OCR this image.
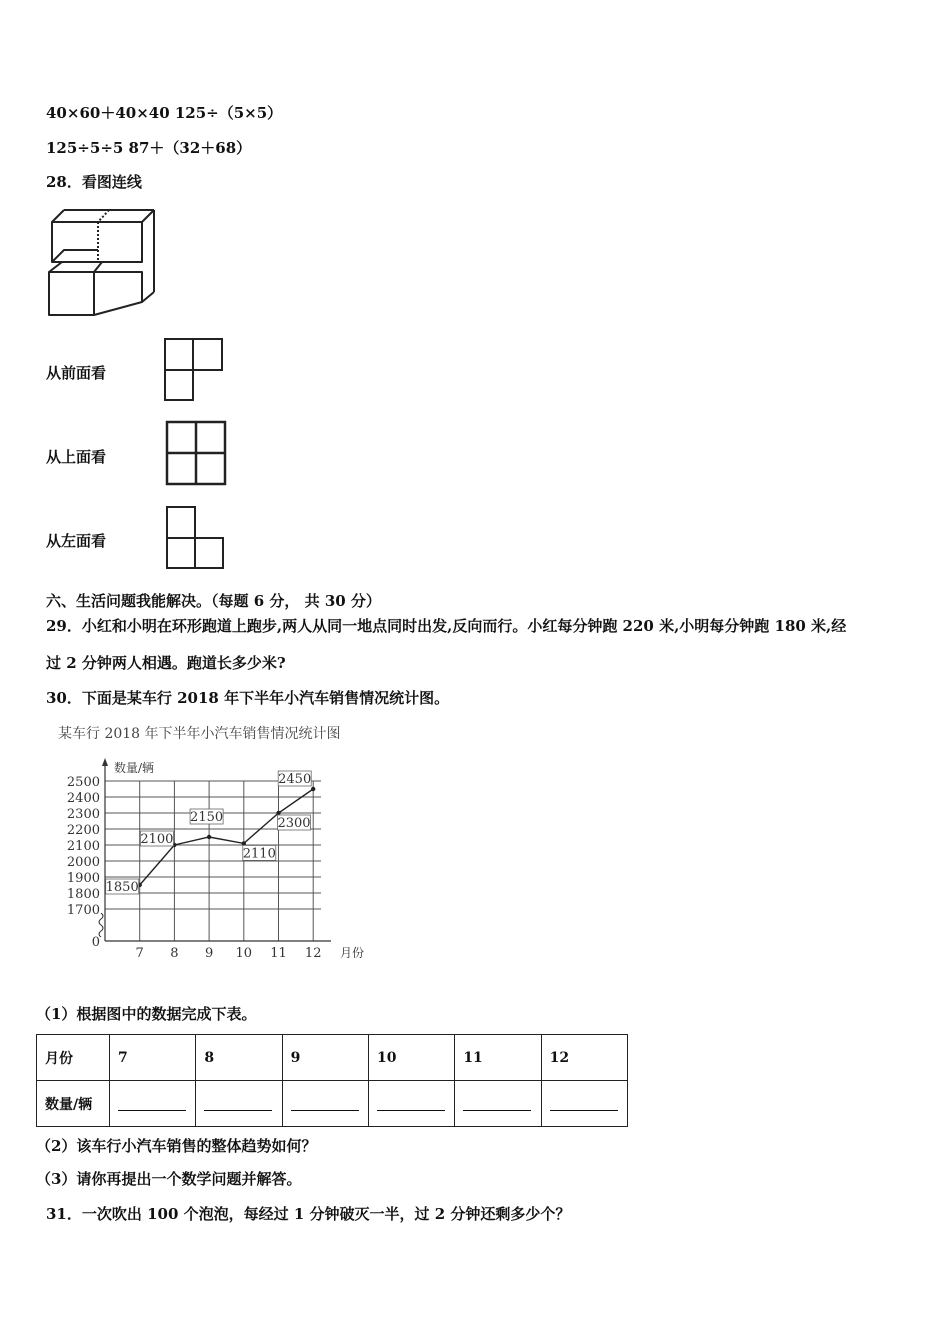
40×60＋40×40 125÷（5×5）
125÷5÷5 87＋（32＋68）
28．看图连线
从前面看
从上面看
从左面看
六、生活问题我能解决。（每题 6 分， 共 30 分）
29．小红和小明在环形跑道上跑步,两人从同一地点同时出发,反向而行。小红每分钟跑 220 米,小明每分钟跑 180 米,经
过 2 分钟两人相遇。跑道长多少米?
30．下面是某车行 2018 年下半年小汽车销售情况统计图。
某车行 2018 年下半年小汽车销售情况统计图
数量/辆
1700
1800
1900
2000
2100
2200
2300
2400
2500
0
7 8 9 10 11 12
1850
2100
2150
2110
2300
2450
月份
（1）根据图中的数据完成下表。
月份	7	8	9	10	11	12
数量/辆						
（2）该车行小汽车销售的整体趋势如何？
（3）请你再提出一个数学问题并解答。
31．一次吹出 100 个泡泡，每经过 1 分钟破灭一半，过 2 分钟还剩多少个？
